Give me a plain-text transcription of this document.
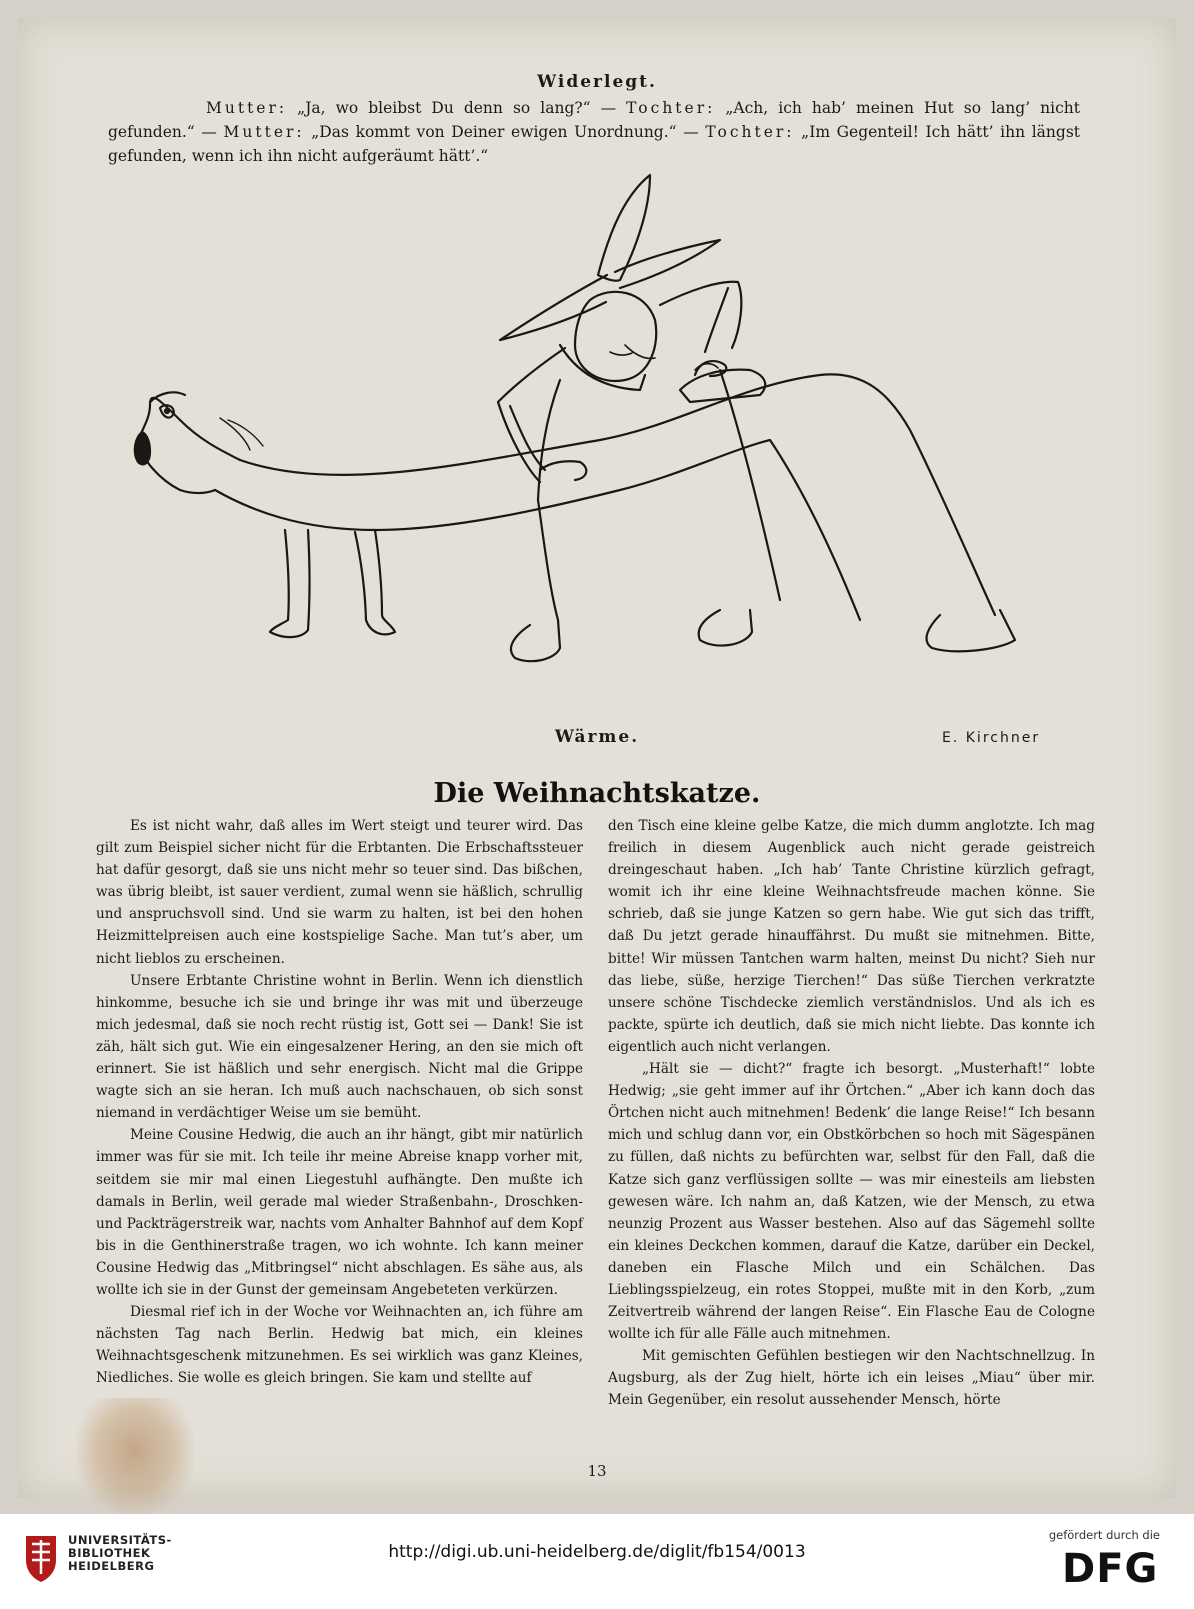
Widerlegt.
Mutter: „Ja, wo bleibst Du denn so lang?“ — Tochter: „Ach, ich hab’ meinen Hut so lang’ nicht gefunden.“ — Mutter: „Das kommt von Deiner ewigen Unordnung.“ — Tochter: „Im Gegenteil! Ich hätt’ ihn längst gefunden, wenn ich ihn nicht aufgeräumt hätt’.“
Wärme.	E. Kirchner
Die Weihnachtskatze.

Es ist nicht wahr, daß alles im Wert steigt und teurer wird. Das gilt zum Beispiel sicher nicht für die Erbtanten. Die Erbschaftssteuer hat dafür gesorgt, daß sie uns nicht mehr so teuer sind. Das bißchen, was übrig bleibt, ist sauer verdient, zumal wenn sie häßlich, schrullig und anspruchsvoll sind. Und sie warm zu halten, ist bei den hohen Heizmittelpreisen auch eine kostspielige Sache. Man tut’s aber, um nicht lieblos zu erscheinen.

Unsere Erbtante Christine wohnt in Berlin. Wenn ich dienstlich hinkomme, besuche ich sie und bringe ihr was mit und überzeuge mich jedesmal, daß sie noch recht rüstig ist, Gott sei — Dank! Sie ist zäh, hält sich gut. Wie ein eingesalzener Hering, an den sie mich oft erinnert. Sie ist häßlich und sehr energisch. Nicht mal die Grippe wagte sich an sie heran. Ich muß auch nachschauen, ob sich sonst niemand in verdächtiger Weise um sie bemüht.

Meine Cousine Hedwig, die auch an ihr hängt, gibt mir natürlich immer was für sie mit. Ich teile ihr meine Abreise knapp vorher mit, seitdem sie mir mal einen Liegestuhl aufhängte. Den mußte ich damals in Berlin, weil gerade mal wieder Straßenbahn-, Droschken- und Packträgerstreik war, nachts vom Anhalter Bahnhof auf dem Kopf bis in die Genthinerstraße tragen, wo ich wohnte. Ich kann meiner Cousine Hedwig das „Mitbringsel“ nicht abschlagen. Es sähe aus, als wollte ich sie in der Gunst der gemeinsam Angebeteten verkürzen.

Diesmal rief ich in der Woche vor Weihnachten an, ich führe am nächsten Tag nach Berlin. Hedwig bat mich, ein kleines Weihnachtsgeschenk mitzunehmen. Es sei wirklich was ganz Kleines, Niedliches. Sie wolle es gleich bringen. Sie kam und stellte auf

den Tisch eine kleine gelbe Katze, die mich dumm anglotzte. Ich mag freilich in diesem Augenblick auch nicht gerade geistreich dreingeschaut haben. „Ich hab’ Tante Christine kürzlich gefragt, womit ich ihr eine kleine Weihnachtsfreude machen könne. Sie schrieb, daß sie junge Katzen so gern habe. Wie gut sich das trifft, daß Du jetzt gerade hinauffährst. Du mußt sie mitnehmen. Bitte, bitte! Wir müssen Tantchen warm halten, meinst Du nicht? Sieh nur das liebe, süße, herzige Tierchen!“ Das süße Tierchen verkratzte unsere schöne Tischdecke ziemlich verständnislos. Und als ich es packte, spürte ich deutlich, daß sie mich nicht liebte. Das konnte ich eigentlich auch nicht verlangen.

„Hält sie — dicht?“ fragte ich besorgt. „Musterhaft!“ lobte Hedwig; „sie geht immer auf ihr Örtchen.“ „Aber ich kann doch das Örtchen nicht auch mitnehmen! Bedenk’ die lange Reise!“ Ich besann mich und schlug dann vor, ein Obstkörbchen so hoch mit Sägespänen zu füllen, daß nichts zu befürchten war, selbst für den Fall, daß die Katze sich ganz verflüssigen sollte — was mir einesteils am liebsten gewesen wäre. Ich nahm an, daß Katzen, wie der Mensch, zu etwa neunzig Prozent aus Wasser bestehen. Also auf das Sägemehl sollte ein kleines Deckchen kommen, darauf die Katze, darüber ein Deckel, daneben ein Flasche Milch und ein Schälchen. Das Lieblingsspielzeug, ein rotes Stoppei, mußte mit in den Korb, „zum Zeitvertreib während der langen Reise“. Ein Flasche Eau de Cologne wollte ich für alle Fälle auch mitnehmen.

Mit gemischten Gefühlen bestiegen wir den Nachtschnellzug. In Augsburg, als der Zug hielt, hörte ich ein leises „Miau“ über mir. Mein Gegenüber, ein resolut aussehender Mensch, hörte

13
UNIVERSITÄTS-
BIBLIOTHEK
HEIDELBERG
http://digi.ub.uni-heidelberg.de/diglit/fb154/0013
gefördert durch die
DFG
